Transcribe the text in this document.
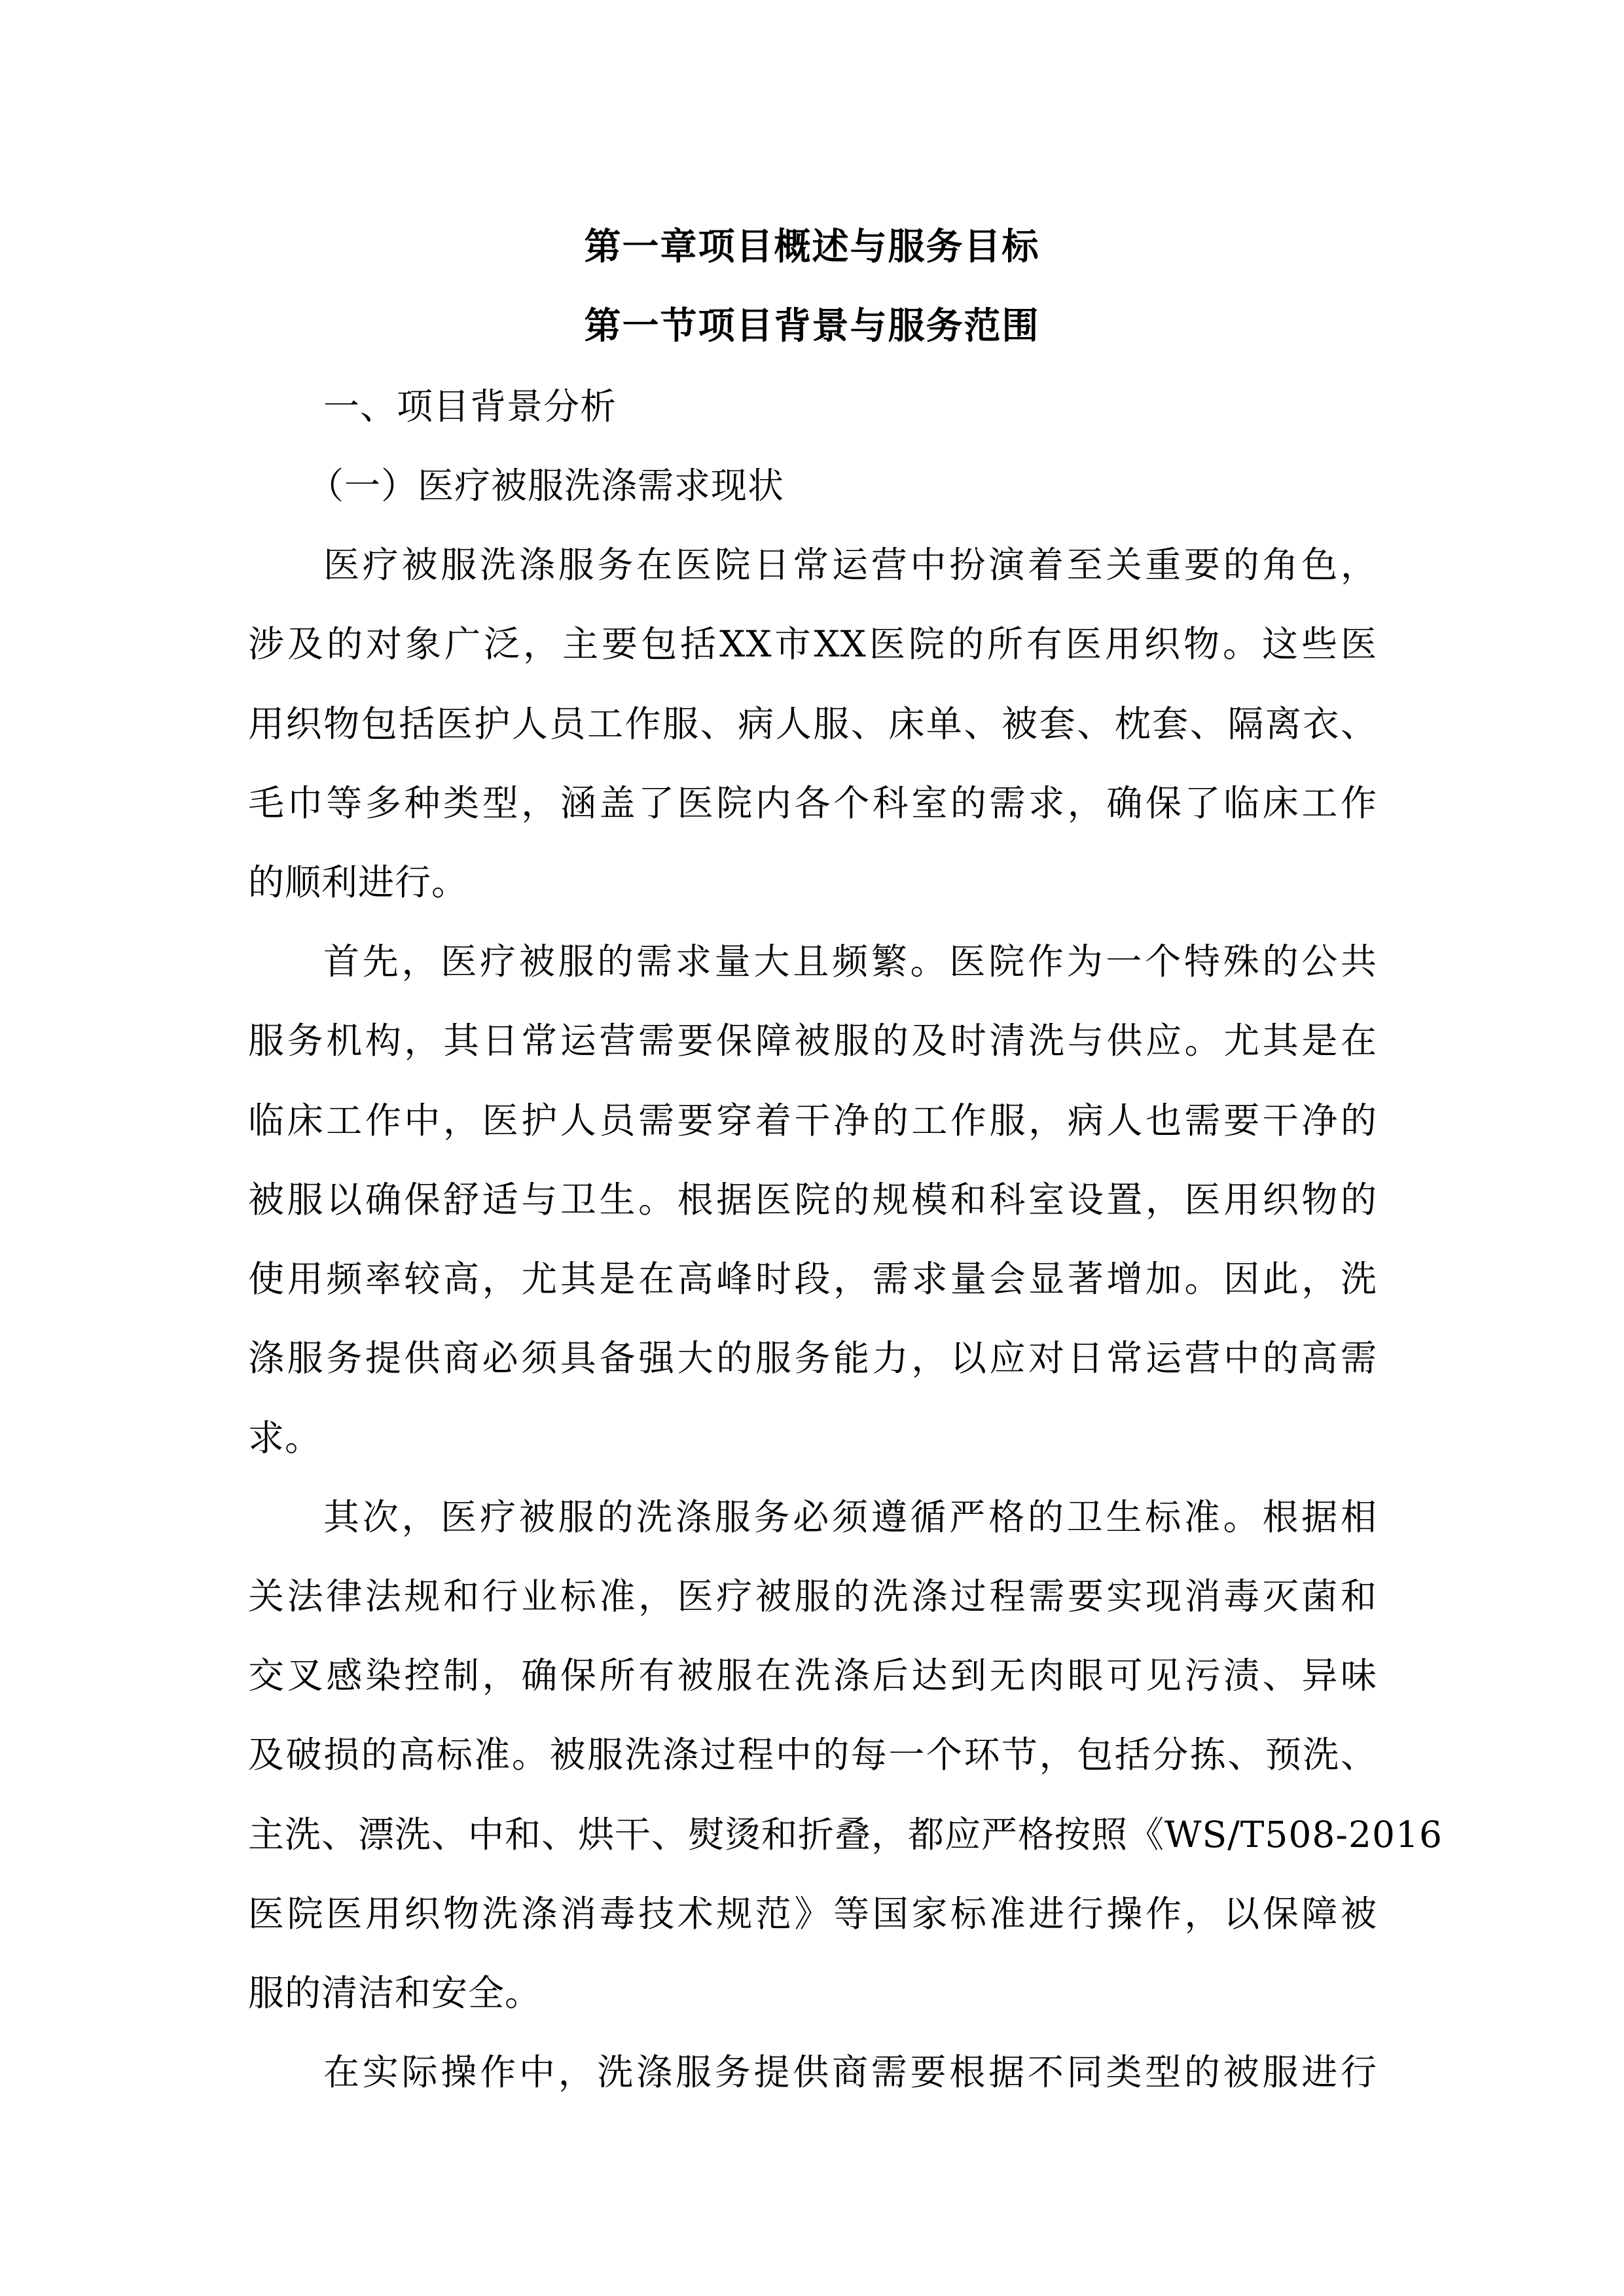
第一章项目概述与服务目标
第一节项目背景与服务范围
一、项目背景分析
（一）医疗被服洗涤需求现状
医疗被服洗涤服务在医院日常运营中扮演着至关重要的角色，
涉及的对象广泛，主要包括XX市XX医院的所有医用织物。这些医
用织物包括医护人员工作服、病人服、床单、被套、枕套、隔离衣、
毛巾等多种类型，涵盖了医院内各个科室的需求，确保了临床工作
的顺利进行。
首先，医疗被服的需求量大且频繁。医院作为一个特殊的公共
服务机构，其日常运营需要保障被服的及时清洗与供应。尤其是在
临床工作中，医护人员需要穿着干净的工作服，病人也需要干净的
被服以确保舒适与卫生。根据医院的规模和科室设置，医用织物的
使用频率较高，尤其是在高峰时段，需求量会显著增加。因此，洗
涤服务提供商必须具备强大的服务能力，以应对日常运营中的高需
求。
其次，医疗被服的洗涤服务必须遵循严格的卫生标准。根据相
关法律法规和行业标准，医疗被服的洗涤过程需要实现消毒灭菌和
交叉感染控制，确保所有被服在洗涤后达到无肉眼可见污渍、异味
及破损的高标准。被服洗涤过程中的每一个环节，包括分拣、预洗、
主洗、漂洗、中和、烘干、熨烫和折叠，都应严格按照《WS/T508-2016
医院医用织物洗涤消毒技术规范》等国家标准进行操作，以保障被
服的清洁和安全。
在实际操作中，洗涤服务提供商需要根据不同类型的被服进行
